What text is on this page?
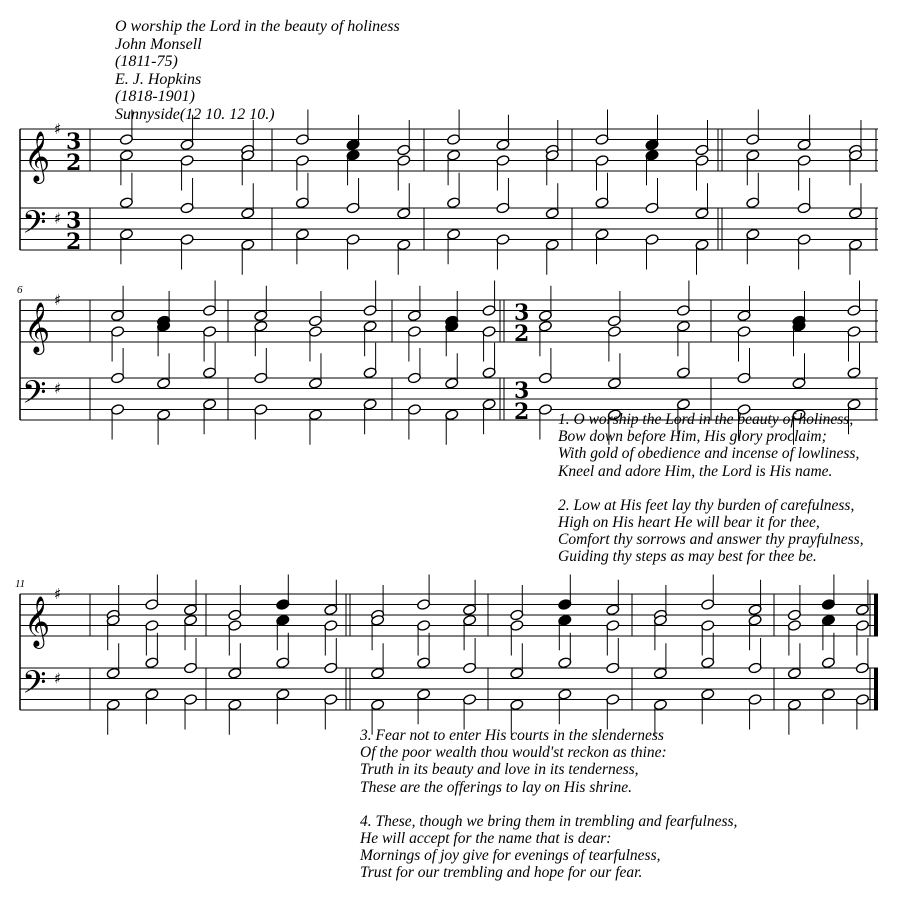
𝄞
𝄢
♯
♯
3
2
3
2
𝄞
𝄢
♯
♯
3
2
3
2
𝄞
𝄢
♯
♯
6
11
O worship the Lord in the beauty of holiness
John Monsell
(1811-75)
E. J. Hopkins
(1818-1901)
Sunnyside(12 10. 12 10.)
1. O worship the Lord in the beauty of holiness,
Bow down before Him, His glory proclaim;
With gold of obedience and incense of lowliness,
Kneel and adore Him, the Lord is His name.
2. Low at His feet lay thy burden of carefulness,
High on His heart He will bear it for thee,
Comfort thy sorrows and answer thy prayfulness,
Guiding thy steps as may best for thee be.
3. Fear not to enter His courts in the slenderness
Of the poor wealth thou would'st reckon as thine:
Truth in its beauty and love in its tenderness,
These are the offerings to lay on His shrine.
4. These, though we bring them in trembling and fearfulness,
He will accept for the name that is dear:
Mornings of joy give for evenings of tearfulness,
Trust for our trembling and hope for our fear.
